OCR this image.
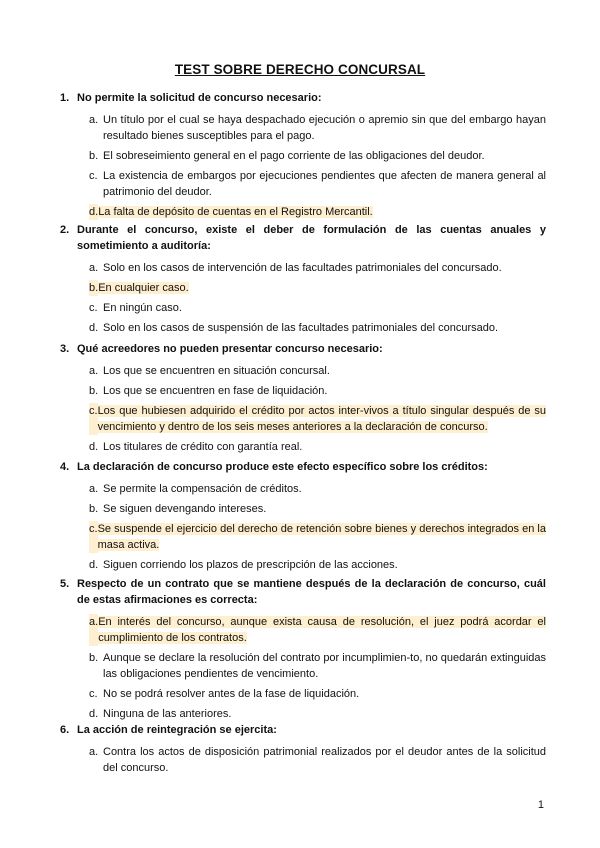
TEST SOBRE DERECHO CONCURSAL
1. No permite la solicitud de concurso necesario:
a. Un título por el cual se haya despachado ejecución o apremio sin que del embargo hayan resultado bienes susceptibles para el pago.
b. El sobreseimiento general en el pago corriente de las obligaciones del deudor.
c. La existencia de embargos por ejecuciones pendientes que afecten de manera general al patrimonio del deudor.
d. La falta de depósito de cuentas en el Registro Mercantil.
2. Durante el concurso, existe el deber de formulación de las cuentas anuales y sometimiento a auditoría:
a. Solo en los casos de intervención de las facultades patrimoniales del concursado.
b. En cualquier caso.
c. En ningún caso.
d. Solo en los casos de suspensión de las facultades patrimoniales del concursado.
3. Qué acreedores no pueden presentar concurso necesario:
a. Los que se encuentren en situación concursal.
b. Los que se encuentren en fase de liquidación.
c. Los que hubiesen adquirido el crédito por actos inter-vivos a título singular después de su vencimiento y dentro de los seis meses anteriores a la declaración de concurso.
d. Los titulares de crédito con garantía real.
4. La declaración de concurso produce este efecto específico sobre los créditos:
a. Se permite la compensación de créditos.
b. Se siguen devengando intereses.
c. Se suspende el ejercicio del derecho de retención sobre bienes y derechos integrados en la masa activa.
d. Siguen corriendo los plazos de prescripción de las acciones.
5. Respecto de un contrato que se mantiene después de la declaración de concurso, cuál de estas afirmaciones es correcta:
a. En interés del concurso, aunque exista causa de resolución, el juez podrá acordar el cumplimiento de los contratos.
b. Aunque se declare la resolución del contrato por incumplimien-to, no quedarán extinguidas las obligaciones pendientes de vencimiento.
c. No se podrá resolver antes de la fase de liquidación.
d. Ninguna de las anteriores.
6. La acción de reintegración se ejercita:
a. Contra los actos de disposición patrimonial realizados por el deudor antes de la solicitud del concurso.
1
